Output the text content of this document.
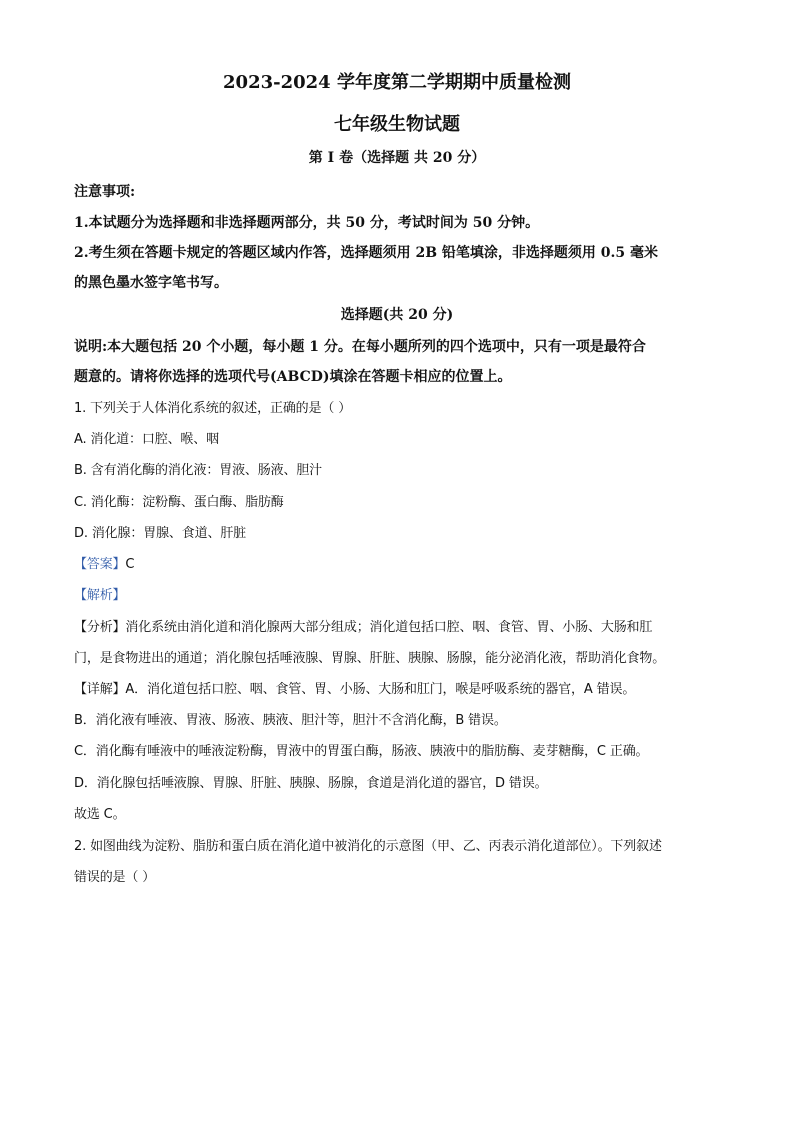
2023-2024 学年度第二学期期中质量检测
七年级生物试题
第 I 卷（选择题 共 20 分）
注意事项:
1.本试题分为选择题和非选择题两部分，共 50 分，考试时间为 50 分钟。
2.考生须在答题卡规定的答题区域内作答，选择题须用 2B 铅笔填涂，非选择题须用 0.5 毫米
的黑色墨水签字笔书写。
选择题(共 20 分)
说明:本大题包括 20 个小题，每小题 1 分。在每小题所列的四个选项中，只有一项是最符合
题意的。请将你选择的选项代号(ABCD)填涂在答题卡相应的位置上。
1. 下列关于人体消化系统的叙述，正确的是（ ）
A. 消化道：口腔、喉、咽
B. 含有消化酶的消化液：胃液、肠液、胆汁
C. 消化酶：淀粉酶、蛋白酶、脂肪酶
D. 消化腺：胃腺、食道、肝脏
【答案】C
【解析】
【分析】消化系统由消化道和消化腺两大部分组成；消化道包括口腔、咽、食管、胃、小肠、大肠和肛
门，是食物进出的通道；消化腺包括唾液腺、胃腺、肝脏、胰腺、肠腺，能分泌消化液，帮助消化食物。
【详解】A．消化道包括口腔、咽、食管、胃、小肠、大肠和肛门，喉是呼吸系统的器官，A 错误。
B．消化液有唾液、胃液、肠液、胰液、胆汁等，胆汁不含消化酶，B 错误。
C．消化酶有唾液中的唾液淀粉酶，胃液中的胃蛋白酶，肠液、胰液中的脂肪酶、麦芽糖酶，C 正确。
D．消化腺包括唾液腺、胃腺、肝脏、胰腺、肠腺，食道是消化道的器官，D 错误。
故选 C。
2. 如图曲线为淀粉、脂肪和蛋白质在消化道中被消化的示意图（甲、乙、丙表示消化道部位）。下列叙述
错误的是（ ）
